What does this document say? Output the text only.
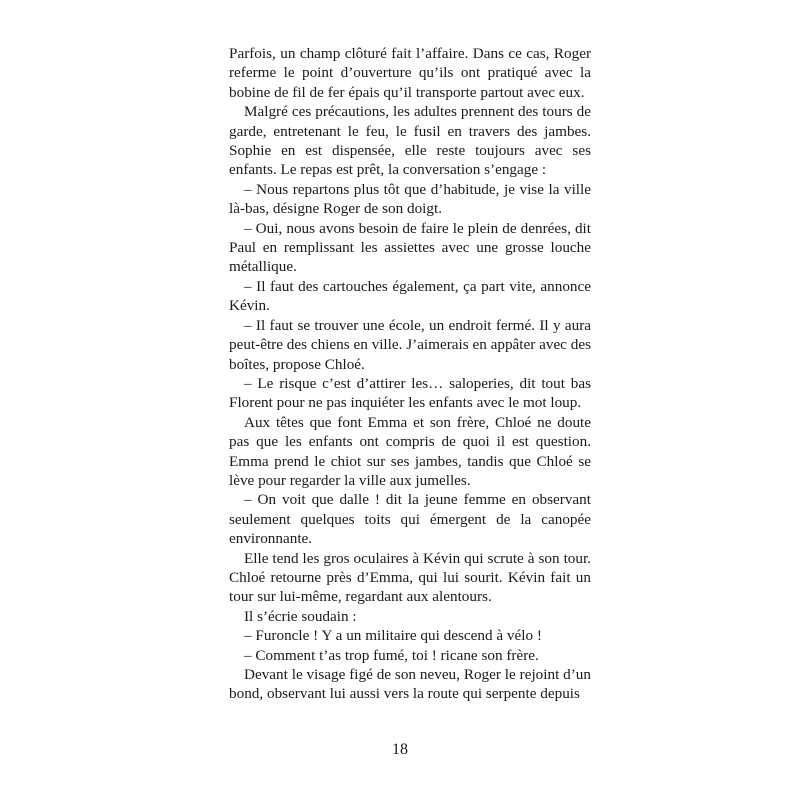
Parfois, un champ clôturé fait l’affaire. Dans ce cas, Roger referme le point d’ouverture qu’ils ont pratiqué avec la bobine de fil de fer épais qu’il transporte partout avec eux.

Malgré ces précautions, les adultes prennent des tours de garde, entretenant le feu, le fusil en travers des jambes. Sophie en est dispensée, elle reste toujours avec ses enfants. Le repas est prêt, la conversation s’engage :

– Nous repartons plus tôt que d’habitude, je vise la ville là-bas, désigne Roger de son doigt.

– Oui, nous avons besoin de faire le plein de denrées, dit Paul en remplissant les assiettes avec une grosse louche métallique.

– Il faut des cartouches également, ça part vite, annonce Kévin.

– Il faut se trouver une école, un endroit fermé. Il y aura peut-être des chiens en ville. J’aimerais en appâter avec des boîtes, propose Chloé.

– Le risque c’est d’attirer les… saloperies, dit tout bas Florent pour ne pas inquiéter les enfants avec le mot loup.

Aux têtes que font Emma et son frère, Chloé ne doute pas que les enfants ont compris de quoi il est question. Emma prend le chiot sur ses jambes, tandis que Chloé se lève pour regarder la ville aux jumelles.

– On voit que dalle ! dit la jeune femme en observant seulement quelques toits qui émergent de la canopée environnante.

Elle tend les gros oculaires à Kévin qui scrute à son tour. Chloé retourne près d’Emma, qui lui sourit. Kévin fait un tour sur lui-même, regardant aux alentours.

Il s’écrie soudain :

– Furoncle ! Y a un militaire qui descend à vélo !

– Comment t’as trop fumé, toi ! ricane son frère.

Devant le visage figé de son neveu, Roger le rejoint d’un bond, observant lui aussi vers la route qui serpente depuis

18
